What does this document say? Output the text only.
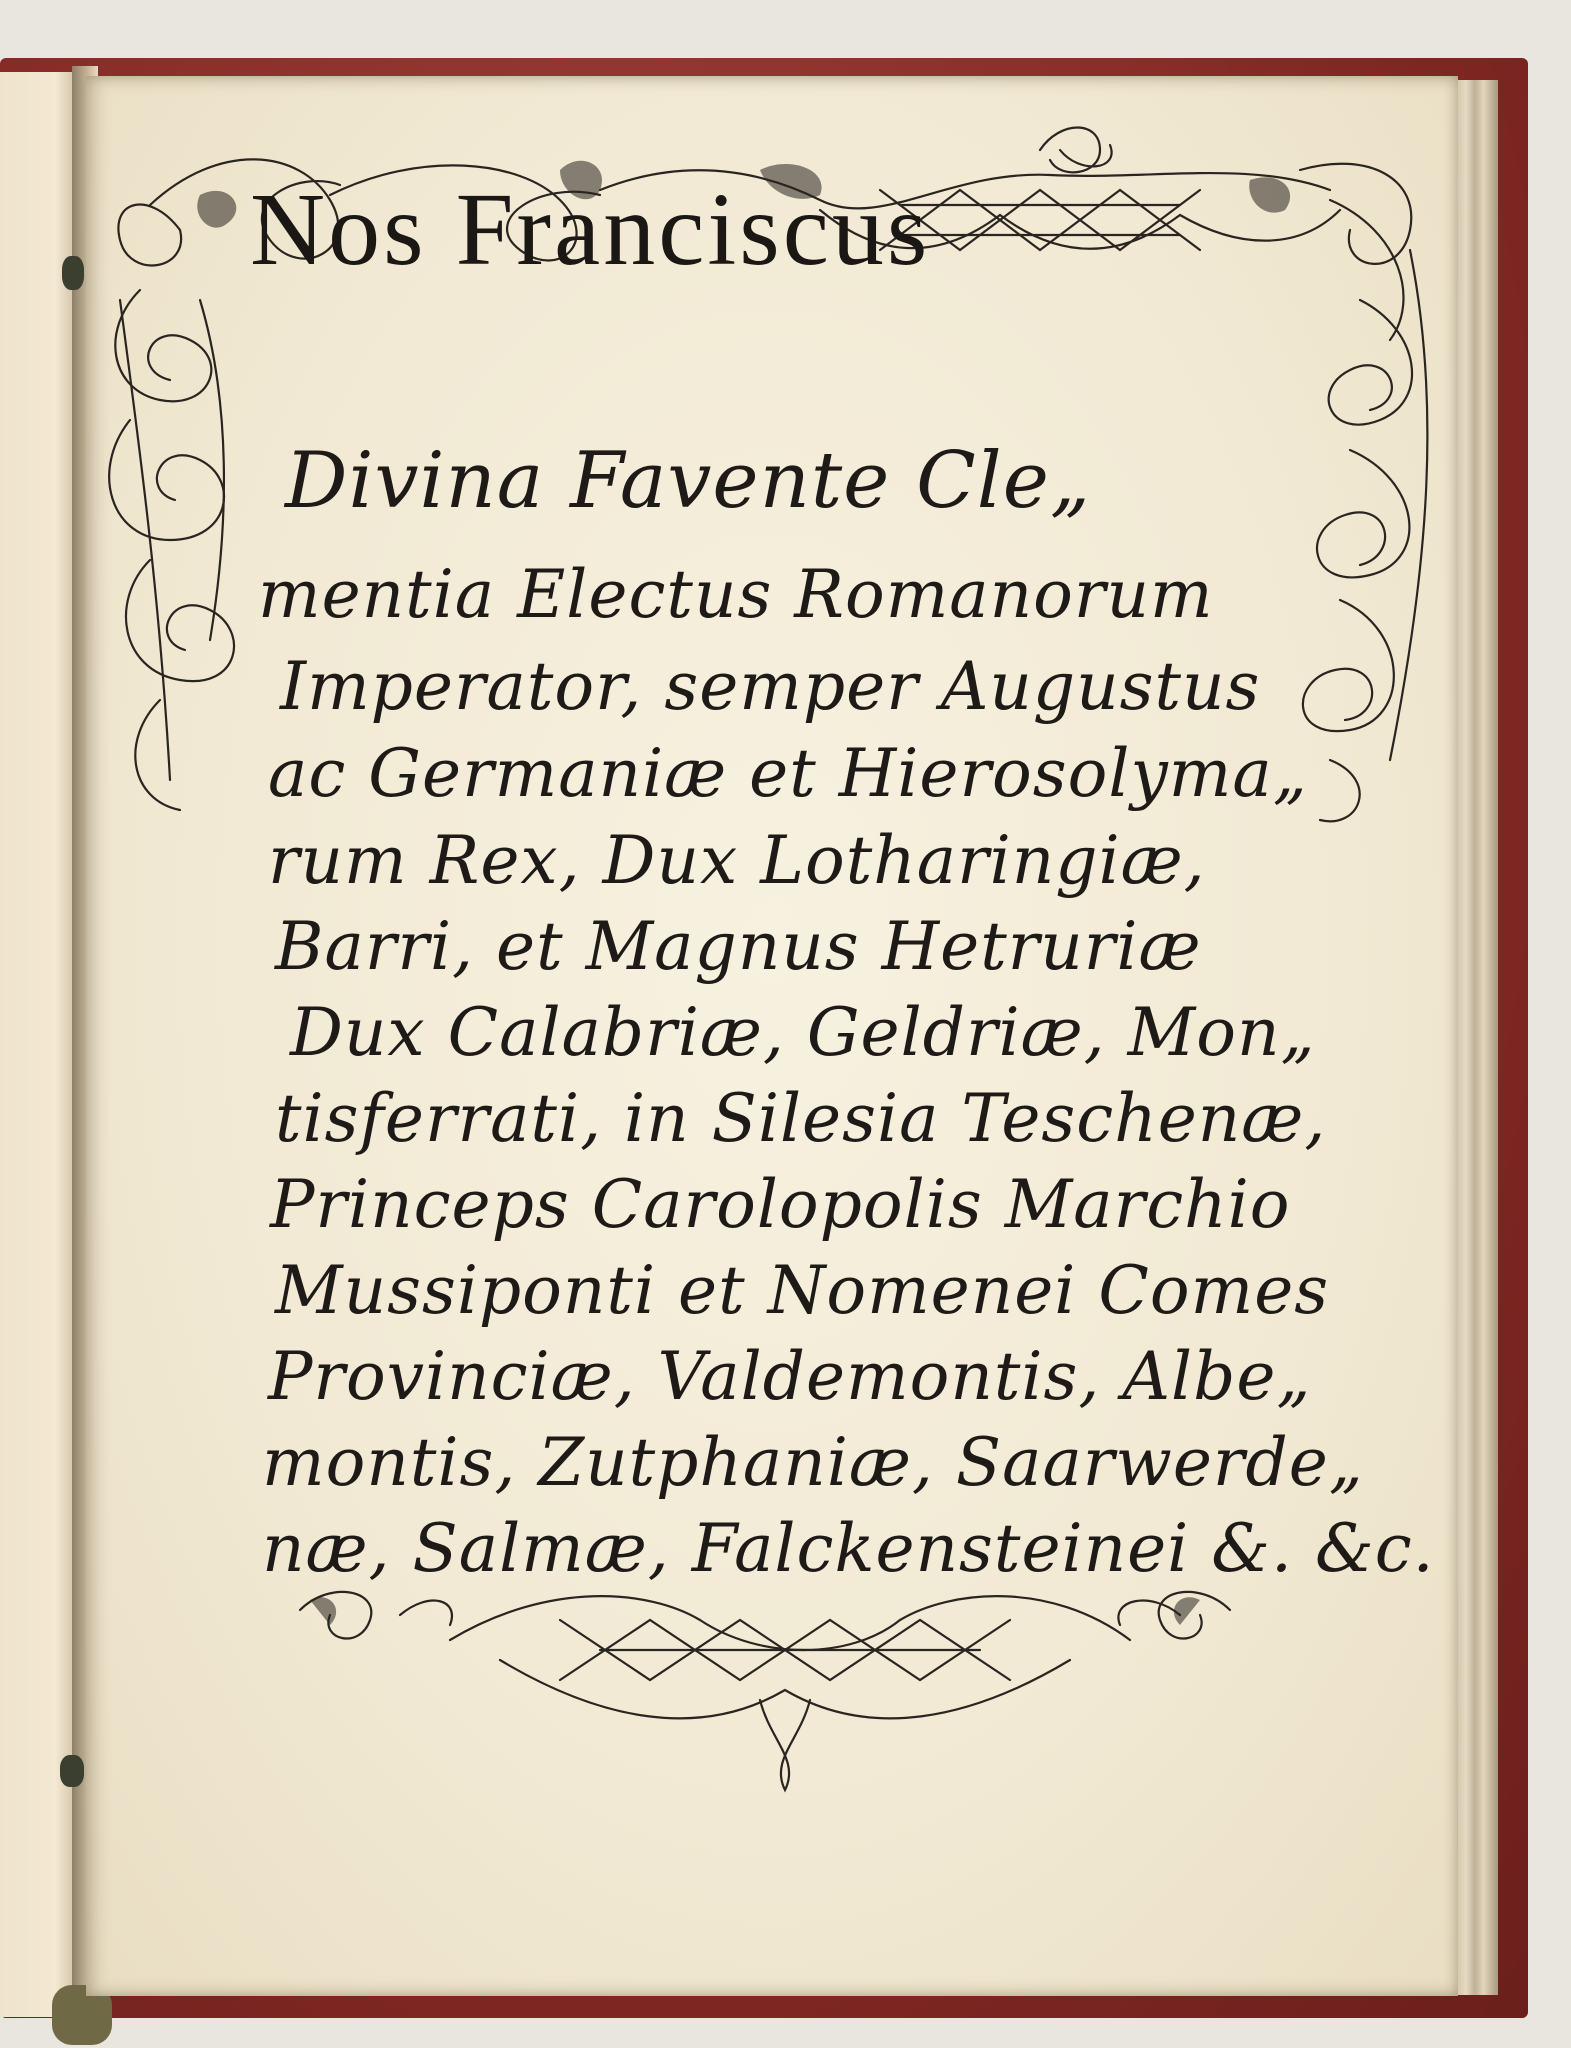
Nos Franciscus
Divina Favente Cle„
mentia Electus Romanorum
Imperator, semper Augustus
ac Germaniæ et Hierosolyma„
rum Rex, Dux Lotharingiæ,
Barri, et Magnus Hetruriæ
Dux Calabriæ, Geldriæ, Mon„
tisferrati, in Silesia Teschenæ,
Princeps Carolopolis Marchio
Mussiponti et Nomenei Comes
Provinciæ, Valdemontis, Albe„
montis, Zutphaniæ, Saarwerde„
næ, Salmæ, Falckensteinei &. &c.
